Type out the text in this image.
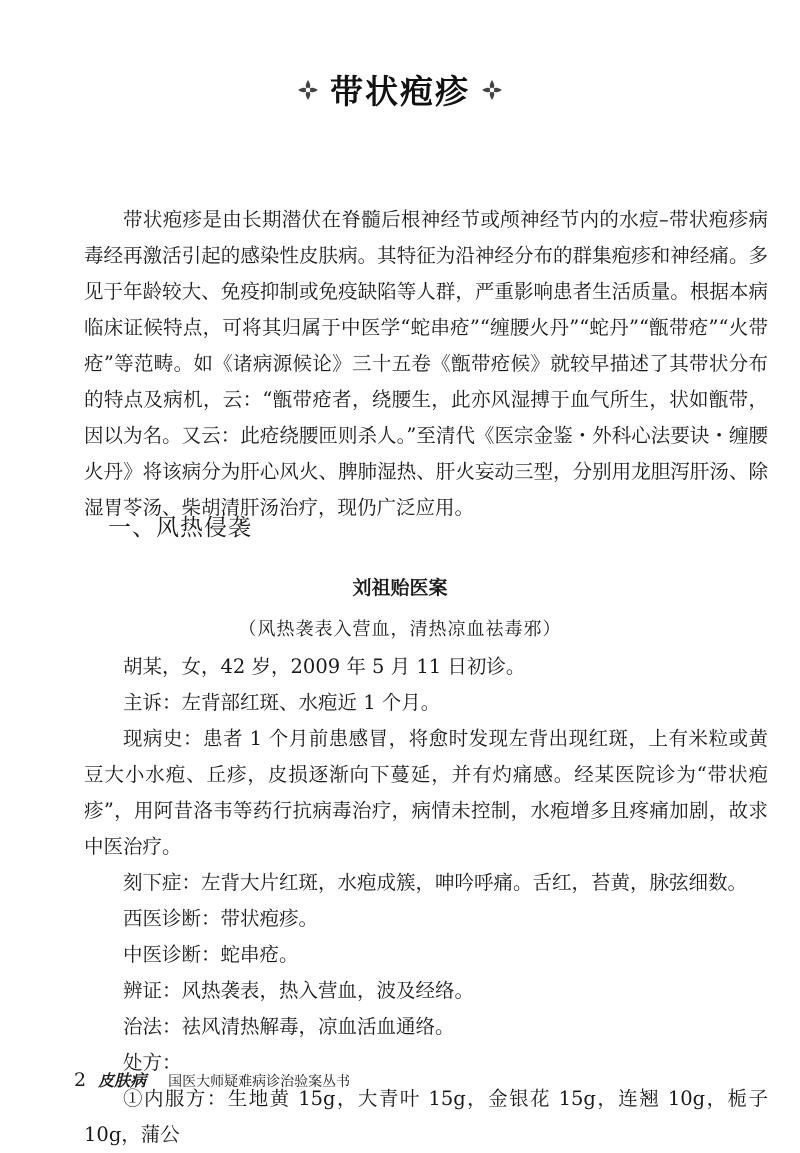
带状疱疹

带状疱疹是由长期潜伏在脊髓后根神经节或颅神经节内的水痘–带状疱疹病毒经再激活引起的感染性皮肤病。其特征为沿神经分布的群集疱疹和神经痛。多见于年龄较大、免疫抑制或免疫缺陷等人群，严重影响患者生活质量。根据本病临床证候特点，可将其归属于中医学“蛇串疮”“缠腰火丹”“蛇丹”“甑带疮”“火带疮”等范畴。如《诸病源候论》三十五卷《甑带疮候》就较早描述了其带状分布的特点及病机，云：“甑带疮者，绕腰生，此亦风湿搏于血气所生，状如甑带，因以为名。又云：此疮绕腰匝则杀人。”至清代《医宗金鉴・外科心法要诀・缠腰火丹》将该病分为肝心风火、脾肺湿热、肝火妄动三型，分别用龙胆泻肝汤、除湿胃苓汤、柴胡清肝汤治疗，现仍广泛应用。

一、风热侵袭
刘祖贻医案
（风热袭表入营血，清热凉血祛毒邪）

胡某，女，42 岁，2009 年 5 月 11 日初诊。

主诉：左背部红斑、水疱近 1 个月。

现病史：患者 1 个月前患感冒，将愈时发现左背出现红斑，上有米粒或黄豆大小水疱、丘疹，皮损逐渐向下蔓延，并有灼痛感。经某医院诊为“带状疱疹”，用阿昔洛韦等药行抗病毒治疗，病情未控制，水疱增多且疼痛加剧，故求中医治疗。

刻下症：左背大片红斑，水疱成簇，呻吟呼痛。舌红，苔黄，脉弦细数。

西医诊断：带状疱疹。

中医诊断：蛇串疮。

辨证：风热袭表，热入营血，波及经络。

治法：祛风清热解毒，凉血活血通络。

处方：

①内服方：生地黄 15g，大青叶 15g，金银花 15g，连翘 10g，栀子 10g，蒲公

2 皮肤病 国医大师疑难病诊治验案丛书
